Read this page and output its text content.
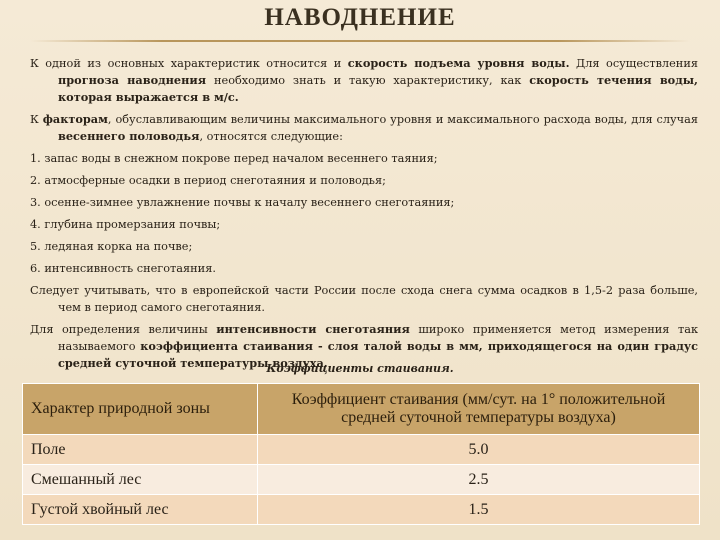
НАВОДНЕНИЕ

К одной из основных характеристик относится и скорость подъема уровня воды. Для осуществления прогноза наводнения необходимо знать и такую характеристику, как скорость течения воды, которая выражается в м/с.

К факторам, обуславливающим величины максимального уровня и максимального расхода воды, для случая весеннего половодья, относятся следующие:

1. запас воды в снежном покрове перед началом весеннего таяния;

2. атмосферные осадки в период снеготаяния и половодья;

3. осенне-зимнее увлажнение почвы к началу весеннего снеготаяния;

4. глубина промерзания почвы;

5. ледяная корка на почве;

6. интенсивность снеготаяния.

Следует учитывать, что в европейской части России после схода снега сумма осадков в 1,5-2 раза больше, чем в период самого снеготаяния.

Для определения величины интенсивности снеготаяния широко применяется метод измерения так называемого коэффициента стаивания - слоя талой воды в мм, приходящегося на один градус средней суточной температуры воздуха.

Коэффициенты стаивания.
Характер природной зоны	Коэффициент стаивания (мм/сут. на 1° положительной средней суточной температуры воздуха)
Поле	5.0
Смешанный лес	2.5
Густой хвойный лес	1.5
